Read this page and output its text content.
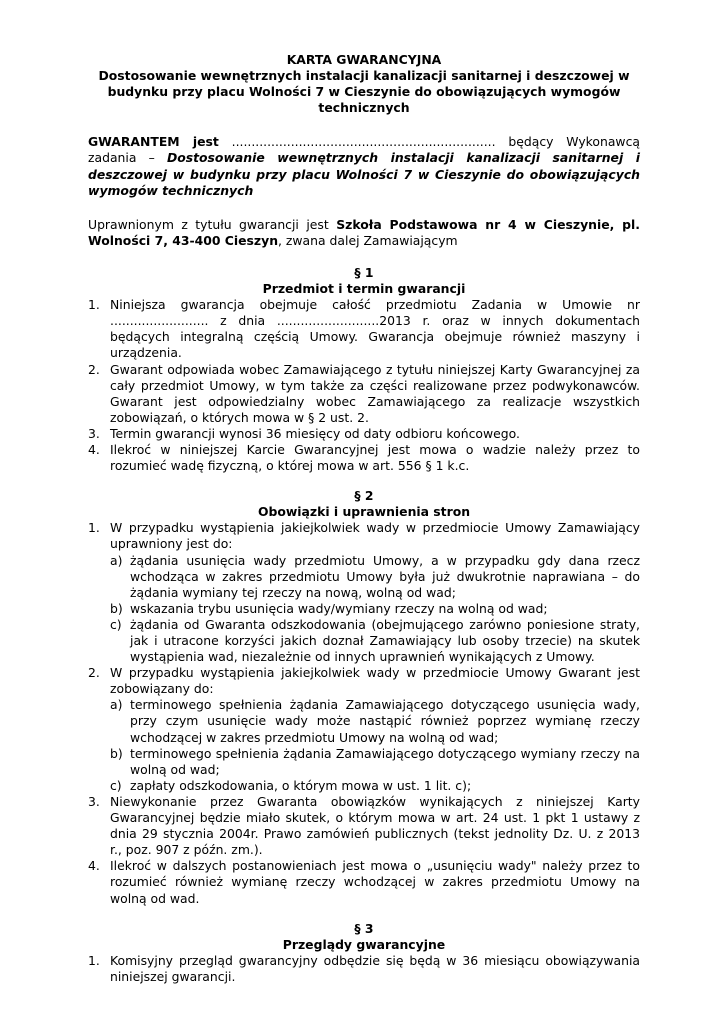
KARTA GWARANCYJNA
Dostosowanie wewnętrznych instalacji kanalizacji sanitarnej i deszczowej w budynku przy placu Wolności 7 w Cieszynie do obowiązujących wymogów technicznych
GWARANTEM jest ................................................................... będący Wykonawcą zadania – Dostosowanie wewnętrznych instalacji kanalizacji sanitarnej i deszczowej w budynku przy placu Wolności 7 w Cieszynie do obowiązujących wymogów technicznych
Uprawnionym z tytułu gwarancji jest Szkoła Podstawowa nr 4 w Cieszynie, pl. Wolności 7, 43-400 Cieszyn, zwana dalej Zamawiającym
§ 1
Przedmiot i termin gwarancji
1. Niniejsza gwarancja obejmuje całość przedmiotu Zadania w Umowie nr ......................... z dnia ..........................2013 r. oraz w innych dokumentach będących integralną częścią Umowy. Gwarancja obejmuje również maszyny i urządzenia.
2. Gwarant odpowiada wobec Zamawiającego z tytułu niniejszej Karty Gwarancyjnej za cały przedmiot Umowy, w tym także za części realizowane przez podwykonawców. Gwarant jest odpowiedzialny wobec Zamawiającego za realizacje wszystkich zobowiązań, o których mowa w § 2 ust. 2.
3. Termin gwarancji wynosi 36 miesięcy od daty odbioru końcowego.
4. Ilekroć w niniejszej Karcie Gwarancyjnej jest mowa o wadzie należy przez to rozumieć wadę fizyczną, o której mowa w art. 556 § 1 k.c.
§ 2
Obowiązki i uprawnienia stron
1. W przypadku wystąpienia jakiejkolwiek wady w przedmiocie Umowy Zamawiający uprawniony jest do:
a) żądania usunięcia wady przedmiotu Umowy, a w przypadku gdy dana rzecz wchodząca w zakres przedmiotu Umowy była już dwukrotnie naprawiana – do żądania wymiany tej rzeczy na nową, wolną od wad;
b) wskazania trybu usunięcia wady/wymiany rzeczy na wolną od wad;
c) żądania od Gwaranta odszkodowania (obejmującego zarówno poniesione straty, jak i utracone korzyści jakich doznał Zamawiający lub osoby trzecie) na skutek wystąpienia wad, niezależnie od innych uprawnień wynikających z Umowy.
2. W przypadku wystąpienia jakiejkolwiek wady w przedmiocie Umowy Gwarant jest zobowiązany do:
a) terminowego spełnienia żądania Zamawiającego dotyczącego usunięcia wady, przy czym usunięcie wady może nastąpić również poprzez wymianę rzeczy wchodzącej w zakres przedmiotu Umowy na wolną od wad;
b) terminowego spełnienia żądania Zamawiającego dotyczącego wymiany rzeczy na wolną od wad;
c) zapłaty odszkodowania, o którym mowa w ust. 1 lit. c);
3. Niewykonanie przez Gwaranta obowiązków wynikających z niniejszej Karty Gwarancyjnej będzie miało skutek, o którym mowa w art. 24 ust. 1 pkt 1 ustawy z dnia 29 stycznia 2004r. Prawo zamówień publicznych (tekst jednolity Dz. U. z 2013 r., poz. 907 z późn. zm.).
4. Ilekroć w dalszych postanowieniach jest mowa o „usunięciu wady" należy przez to rozumieć również wymianę rzeczy wchodzącej w zakres przedmiotu Umowy na wolną od wad.
§ 3
Przeglądy gwarancyjne
1. Komisyjny przegląd gwarancyjny odbędzie się będą w 36 miesiącu obowiązywania niniejszej gwarancji.
